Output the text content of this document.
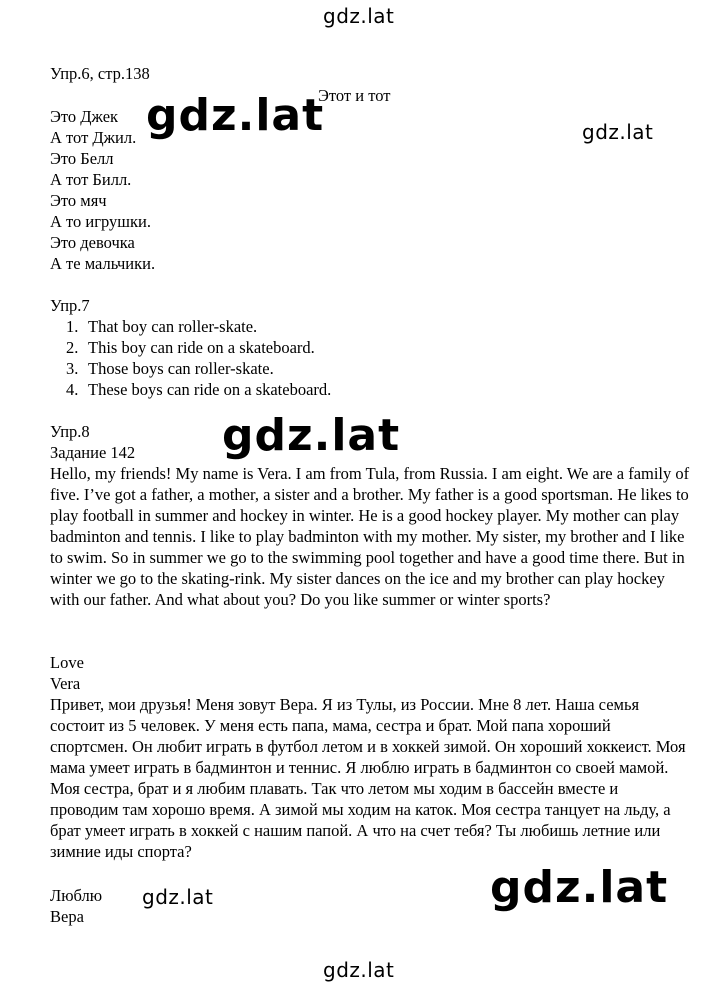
gdz.lat
gdz.lat	gdz.lat
gdz.lat
gdz.lat	gdz.lat
gdz.lat
Упр.6, стр.138
Этот и тот
Это Джек
А тот Джил.
Это Белл
А тот Билл.
Это мяч
А то игрушки.
Это девочка
А те мальчики.
Упр.7
1. That boy can roller-skate.
2. This boy can ride on a skateboard.
3. Those boys can roller-skate.
4. These boys can ride on a skateboard.
Упр.8
Задание 142
Hello, my friends! My name is Vera. I am from Tula, from Russia. I am eight. We are a family of five. I’ve got a father, a mother, a sister and a brother. My father is a good sportsman. He likes to play football in summer and hockey in winter. He is a good hockey player. My mother can play badminton and tennis. I like to play badminton with my mother. My sister, my brother and I like to swim. So in summer we go to the swimming pool together and have a good time there. But in winter we go to the skating-rink. My sister dances on the ice and my brother can play hockey with our father. And what about you? Do you like summer or winter sports?
Love
Vera
Привет, мои друзья! Меня зовут Вера. Я из Тулы, из России. Мне 8 лет. Наша семья состоит из 5 человек. У меня есть папа, мама, сестра и брат. Мой папа хороший спортсмен. Он любит играть в футбол летом и в хоккей зимой. Он хороший хоккеист. Моя мама умеет играть в бадминтон и теннис. Я люблю играть в бадминтон со своей мамой. Моя сестра, брат и я любим плавать. Так что летом мы ходим в бассейн вместе и проводим там хорошо время. А зимой мы ходим на каток. Моя сестра танцует на льду, а брат умеет играть в хоккей с нашим папой. А что на счет тебя? Ты любишь летние или зимние иды спорта?
Люблю
Вера
